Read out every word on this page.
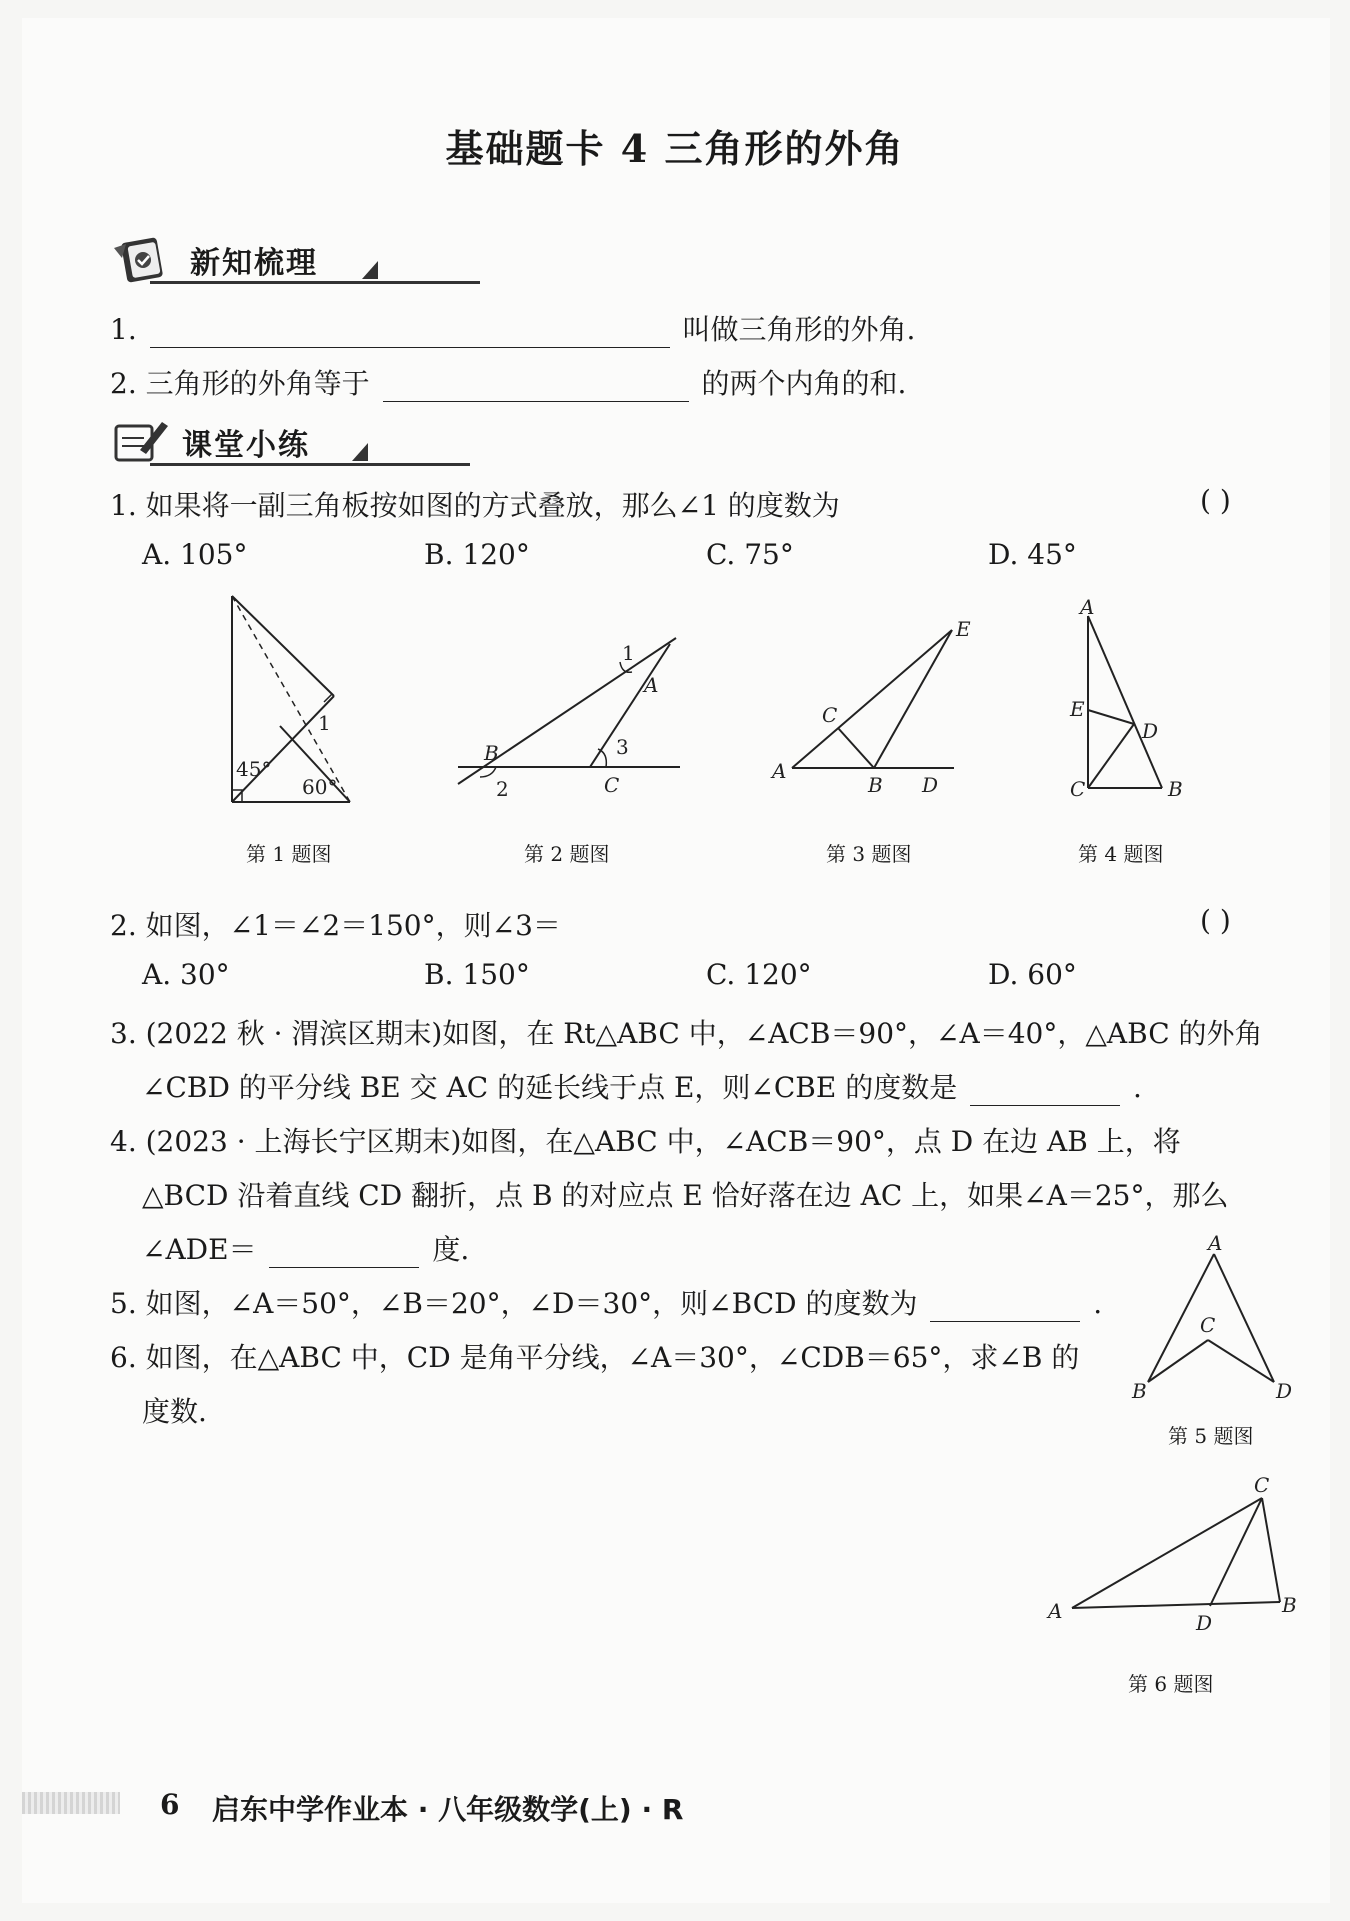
基础题卡 4 三角形的外角
新知梳理
1.	叫做三角形的外角.
2. 三角形的外角等于	的两个内角的和.
课堂小练
1. 如果将一副三角板按如图的方式叠放，那么∠1 的度数为	( )
A. 105°	B. 120°	C. 75°	D. 45°
45°
60°
1
第 1 题图
1
A
B
2
3
C
第 2 题图
E
C
A
B D
第 3 题图
A
E
D
C	B
第 4 题图
2. 如图，∠1＝∠2＝150°，则∠3＝	( )
A. 30°	B. 150°	C. 120°	D. 60°
3. (2022 秋 · 渭滨区期末)如图，在 Rt△ABC 中，∠ACB＝90°，∠A＝40°，△ABC 的外角
∠CBD 的平分线 BE 交 AC 的延长线于点 E，则∠CBE 的度数是	.
4. (2023 · 上海长宁区期末)如图，在△ABC 中，∠ACB＝90°，点 D 在边 AB 上，将
△BCD 沿着直线 CD 翻折，点 B 的对应点 E 恰好落在边 AC 上，如果∠A＝25°，那么
∠ADE＝	度.
5. 如图，∠A＝50°，∠B＝20°，∠D＝30°，则∠BCD 的度数为	.
6. 如图，在△ABC 中，CD 是角平分线，∠A＝30°，∠CDB＝65°，求∠B 的
度数.
A
C
B	D
第 5 题图
C
A	D
B
第 6 题图
6 启东中学作业本 · 八年级数学(上) · R
